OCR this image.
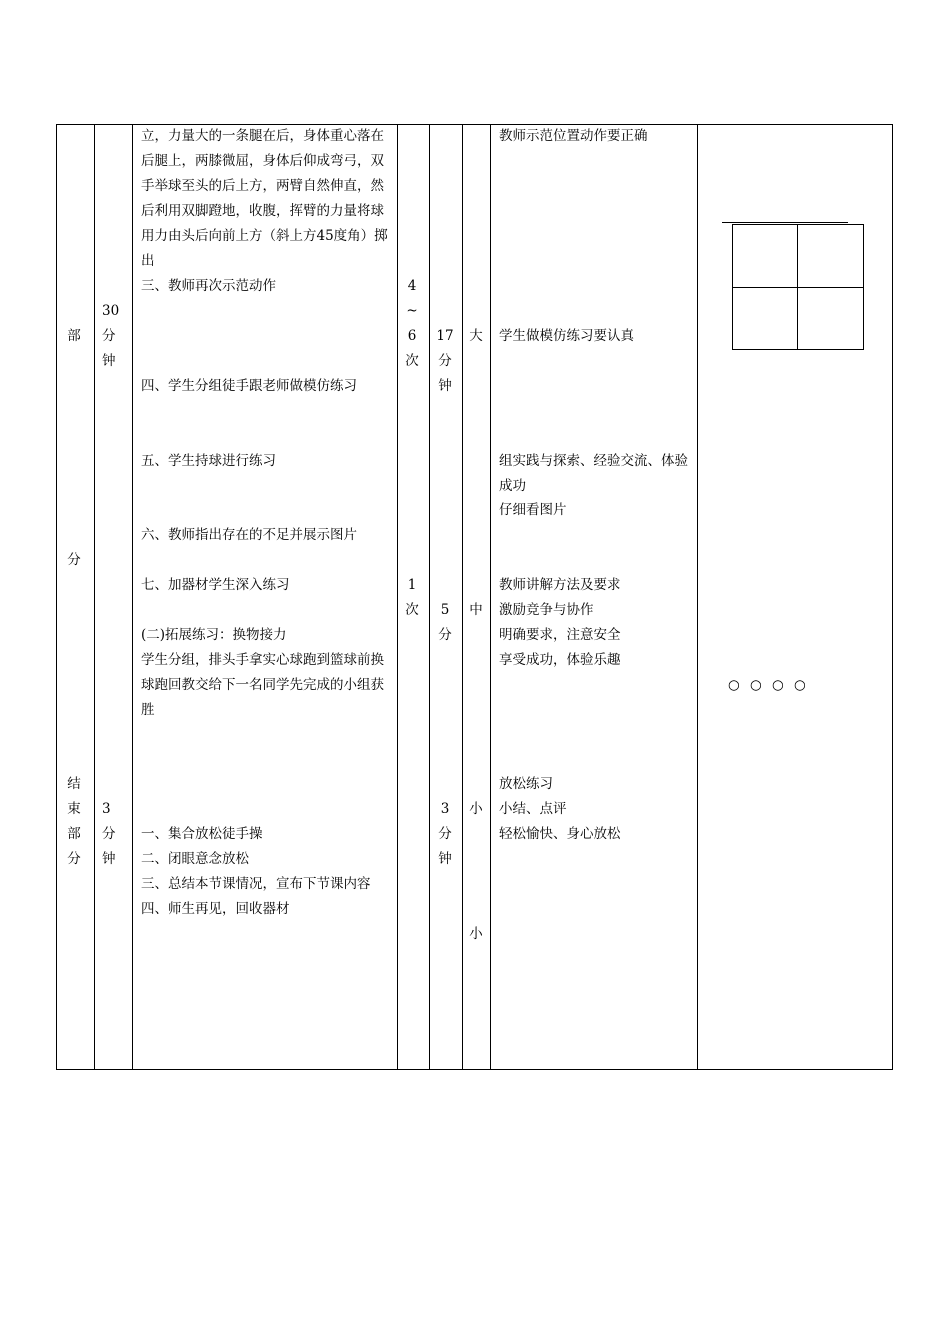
部
分
结
束
部
分
30
分
钟
3
分
钟
立，力量大的一条腿在后，身体重心落在后腿上，两膝微屈，身体后仰成弯弓，双手举球至头的后上方，两臂自然伸直，然后利用双脚蹬地，收腹，挥臂的力量将球用力由头后向前上方（斜上方45度角）掷出
三、教师再次示范动作
四、学生分组徒手跟老师做模仿练习
五、学生持球进行练习
六、教师指出存在的不足并展示图片
七、加器材学生深入练习
(二)拓展练习：换物接力
学生分组，排头手拿实心球跑到篮球前换球跑回教交给下一名同学先完成的小组获胜
一、集合放松徒手操
二、闭眼意念放松
三、总结本节课情况，宣布下节课内容
四、师生再见，回收器材
4
~
6
次
1
次
17
分
钟
5
分
3
分
钟
大
中
小
小
教师示范位置动作要正确
学生做模仿练习要认真
组实践与探索、经验交流、体验成功
仔细看图片
教师讲解方法及要求
激励竞争与协作
明确要求，注意安全
享受成功，体验乐趣
放松练习
小结、点评
轻松愉快、身心放松

○ ○ ○ ○
